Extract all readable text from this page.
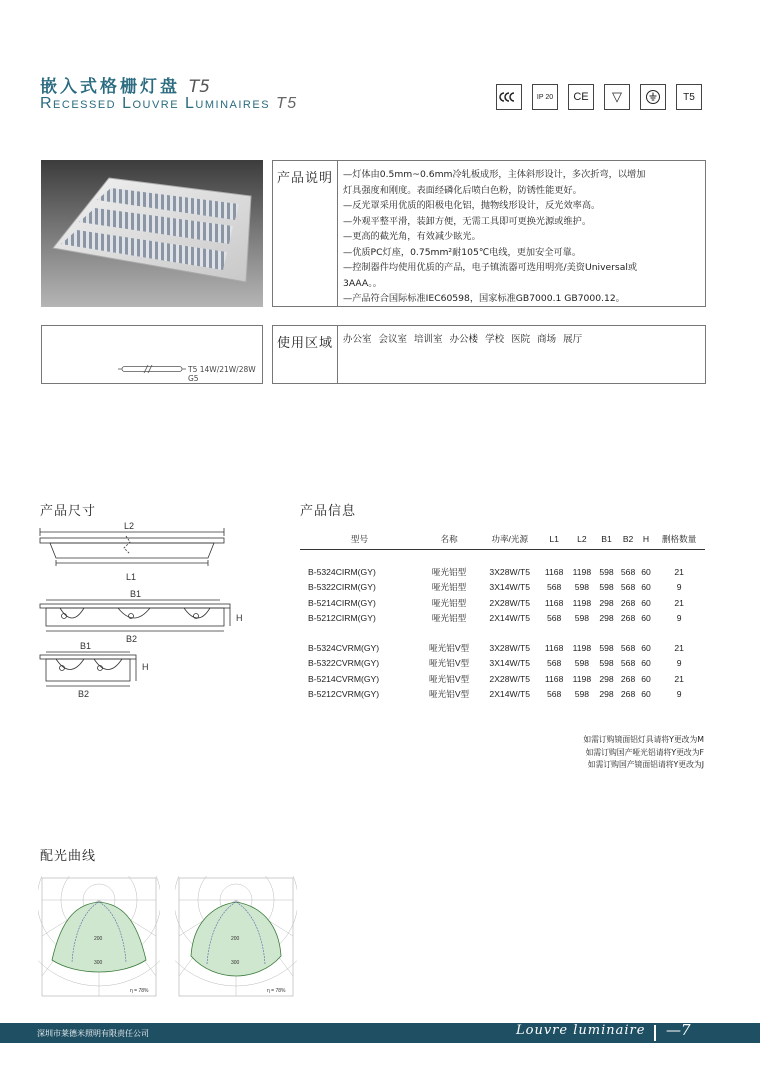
嵌入式格栅灯盘 T5
Recessed Louvre Luminaires T5	IP 20	CE	▽	T5
产品说明	—灯体由0.5mm~0.6mm冷轧板成形，主体斜形设计，多次折弯，以增加
灯具强度和刚度。表面经磷化后喷白色粉，防锈性能更好。
—反光罩采用优质的阳极电化铝，抛物线形设计，反光效率高。
—外观平整平滑，装卸方便，无需工具即可更换光源或维护。
—更高的截光角，有效减少眩光。
—优质PC灯座，0.75mm²耐105℃电线，更加安全可靠。
—控制器件均使用优质的产品，电子镇流器可选用明亮/美资Universal或
3AAA。。
—产品符合国际标准IEC60598，国家标准GB7000.1 GB7000.12。
T5 14W/21W/28W
G5
使用区域	办公室 会议室 培训室 办公楼 学校 医院 商场 展厅
产品尺寸
L2
L1
B1
B2
H
B1
B2
H
产品信息
型号	名称	功率/光源	L1	L2	B1	B2	H	删格数量

B-5324CIRM(GY)	哑光铝型	3X28W/T5	1168	1198	598	568	60	21
B-5322CIRM(GY)	哑光铝型	3X14W/T5	568	598	598	568	60	9
B-5214CIRM(GY)	哑光铝型	2X28W/T5	1168	1198	298	268	60	21
B-5212CIRM(GY)	哑光铝型	2X14W/T5	568	598	298	268	60	9

B-5324CVRM(GY)	哑光铝V型	3X28W/T5	1168	1198	598	568	60	21
B-5322CVRM(GY)	哑光铝V型	3X14W/T5	568	598	598	568	60	9
B-5214CVRM(GY)	哑光铝V型	2X28W/T5	1168	1198	298	268	60	21
B-5212CVRM(GY)	哑光铝V型	2X14W/T5	568	598	298	268	60	9
如需订购镜面铝灯具请将Y更改为M
如需订购国产哑光铝请将Y更改为F
如需订购国产镜面铝请将Y更改为J
配光曲线
200
300
η = 78%
200
300
η = 78%
深圳市莱德米照明有限责任公司	Louvre luminaire —7
